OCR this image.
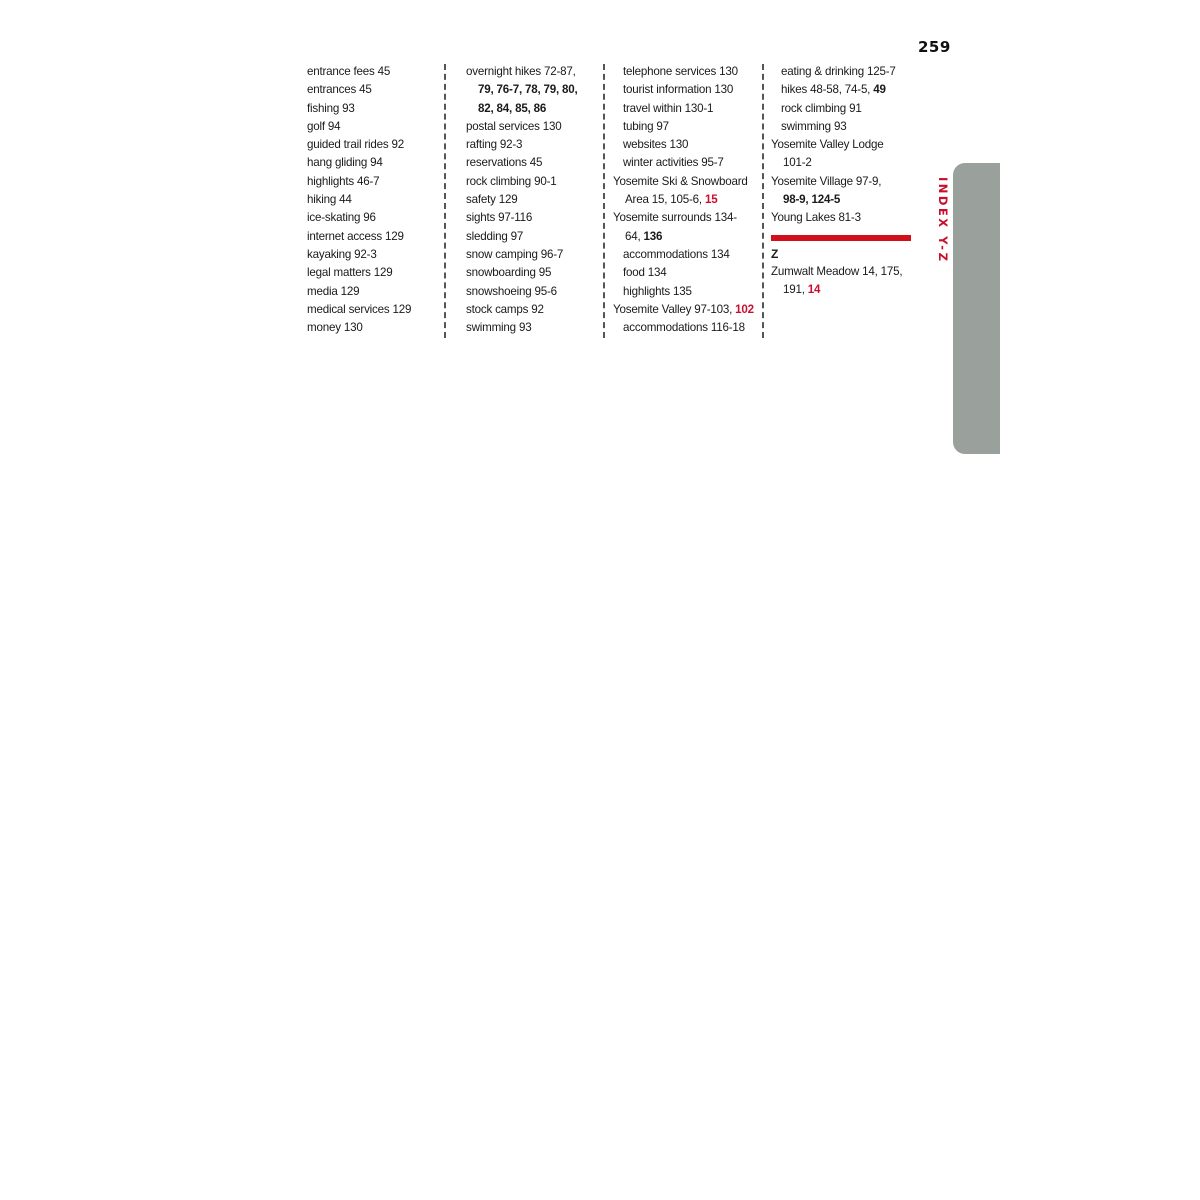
259
entrance fees 45
entrances 45
fishing 93
golf 94
guided trail rides 92
hang gliding 94
highlights 46-7
hiking 44
ice-skating 96
internet access 129
kayaking 92-3
legal matters 129
media 129
medical services 129
money 130
overnight hikes 72-87,
79, 76-7, 78, 79, 80,
82, 84, 85, 86
postal services 130
rafting 92-3
reservations 45
rock climbing 90-1
safety 129
sights 97-116
sledding 97
snow camping 96-7
snowboarding 95
snowshoeing 95-6
stock camps 92
swimming 93
telephone services 130
tourist information 130
travel within 130-1
tubing 97
websites 130
winter activities 95-7
Yosemite Ski & Snowboard
Area 15, 105-6, 15
Yosemite surrounds 134-
64, 136
accommodations 134
food 134
highlights 135
Yosemite Valley 97-103, 102
accommodations 116-18
eating & drinking 125-7
hikes 48-58, 74-5, 49
rock climbing 91
swimming 93
Yosemite Valley Lodge
101-2
Yosemite Village 97-9,
98-9, 124-5
Young Lakes 81-3
Z
Zumwalt Meadow 14, 175,
191, 14
INDEX Y-Z
